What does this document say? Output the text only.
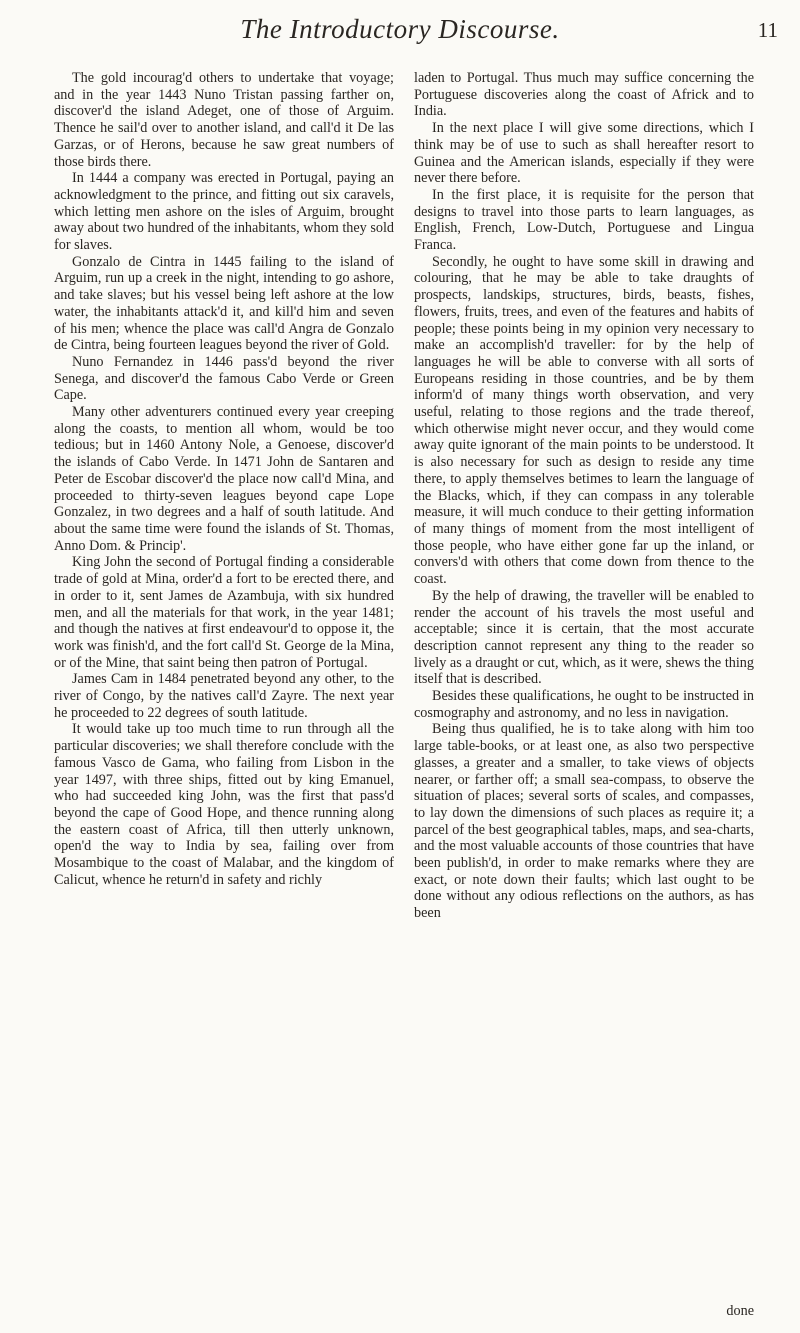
The Introductory Discourse.	11

The gold incourag'd others to undertake that voyage; and in the year 1443 Nuno Tristan passing farther on, discover'd the island Adeget, one of those of Arguim. Thence he sail'd over to another island, and call'd it De las Garzas, or of Herons, because he saw great numbers of those birds there.

In 1444 a company was erected in Portugal, paying an acknowledgment to the prince, and fitting out six caravels, which letting men ashore on the isles of Arguim, brought away about two hundred of the inhabitants, whom they sold for slaves.

Gonzalo de Cintra in 1445 failing to the island of Arguim, run up a creek in the night, intending to go ashore, and take slaves; but his vessel being left ashore at the low water, the inhabitants attack'd it, and kill'd him and seven of his men; whence the place was call'd Angra de Gonzalo de Cintra, being fourteen leagues beyond the river of Gold.

Nuno Fernandez in 1446 pass'd beyond the river Senega, and discover'd the famous Cabo Verde or Green Cape.

Many other adventurers continued every year creeping along the coasts, to mention all whom, would be too tedious; but in 1460 Antony Nole, a Genoese, discover'd the islands of Cabo Verde. In 1471 John de Santaren and Peter de Escobar discover'd the place now call'd Mina, and proceeded to thirty-seven leagues beyond cape Lope Gonzalez, in two degrees and a half of south latitude. And about the same time were found the islands of St. Thomas, Anno Dom. & Princip'.

King John the second of Portugal finding a considerable trade of gold at Mina, order'd a fort to be erected there, and in order to it, sent James de Azambuja, with six hundred men, and all the materials for that work, in the year 1481; and though the natives at first endeavour'd to oppose it, the work was finish'd, and the fort call'd St. George de la Mina, or of the Mine, that saint being then patron of Portugal.

James Cam in 1484 penetrated beyond any other, to the river of Congo, by the natives call'd Zayre. The next year he proceeded to 22 degrees of south latitude.

It would take up too much time to run through all the particular discoveries; we shall therefore conclude with the famous Vasco de Gama, who failing from Lisbon in the year 1497, with three ships, fitted out by king Emanuel, who had succeeded king John, was the first that pass'd beyond the cape of Good Hope, and thence running along the eastern coast of Africa, till then utterly unknown, open'd the way to India by sea, failing over from Mosambique to the coast of Malabar, and the kingdom of Calicut, whence he return'd in safety and richly

laden to Portugal. Thus much may suffice concerning the Portuguese discoveries along the coast of Africk and to India.

In the next place I will give some directions, which I think may be of use to such as shall hereafter resort to Guinea and the American islands, especially if they were never there before.

In the first place, it is requisite for the person that designs to travel into those parts to learn languages, as English, French, Low-Dutch, Portuguese and Lingua Franca.

Secondly, he ought to have some skill in drawing and colouring, that he may be able to take draughts of prospects, landskips, structures, birds, beasts, fishes, flowers, fruits, trees, and even of the features and habits of people; these points being in my opinion very necessary to make an accomplish'd traveller: for by the help of languages he will be able to converse with all sorts of Europeans residing in those countries, and be by them inform'd of many things worth observation, and very useful, relating to those regions and the trade thereof, which otherwise might never occur, and they would come away quite ignorant of the main points to be understood. It is also necessary for such as design to reside any time there, to apply themselves betimes to learn the language of the Blacks, which, if they can compass in any tolerable measure, it will much conduce to their getting information of many things of moment from the most intelligent of those people, who have either gone far up the inland, or convers'd with others that come down from thence to the coast.

By the help of drawing, the traveller will be enabled to render the account of his travels the most useful and acceptable; since it is certain, that the most accurate description cannot represent any thing to the reader so lively as a draught or cut, which, as it were, shews the thing itself that is described.

Besides these qualifications, he ought to be instructed in cosmography and astronomy, and no less in navigation.

Being thus qualified, he is to take along with him too large table-books, or at least one, as also two perspective glasses, a greater and a smaller, to take views of objects nearer, or farther off; a small sea-compass, to observe the situation of places; several sorts of scales, and compasses, to lay down the dimensions of such places as require it; a parcel of the best geographical tables, maps, and sea-charts, and the most valuable accounts of those countries that have been publish'd, in order to make remarks where they are exact, or note down their faults; which last ought to be done without any odious reflections on the authors, as has been

done
